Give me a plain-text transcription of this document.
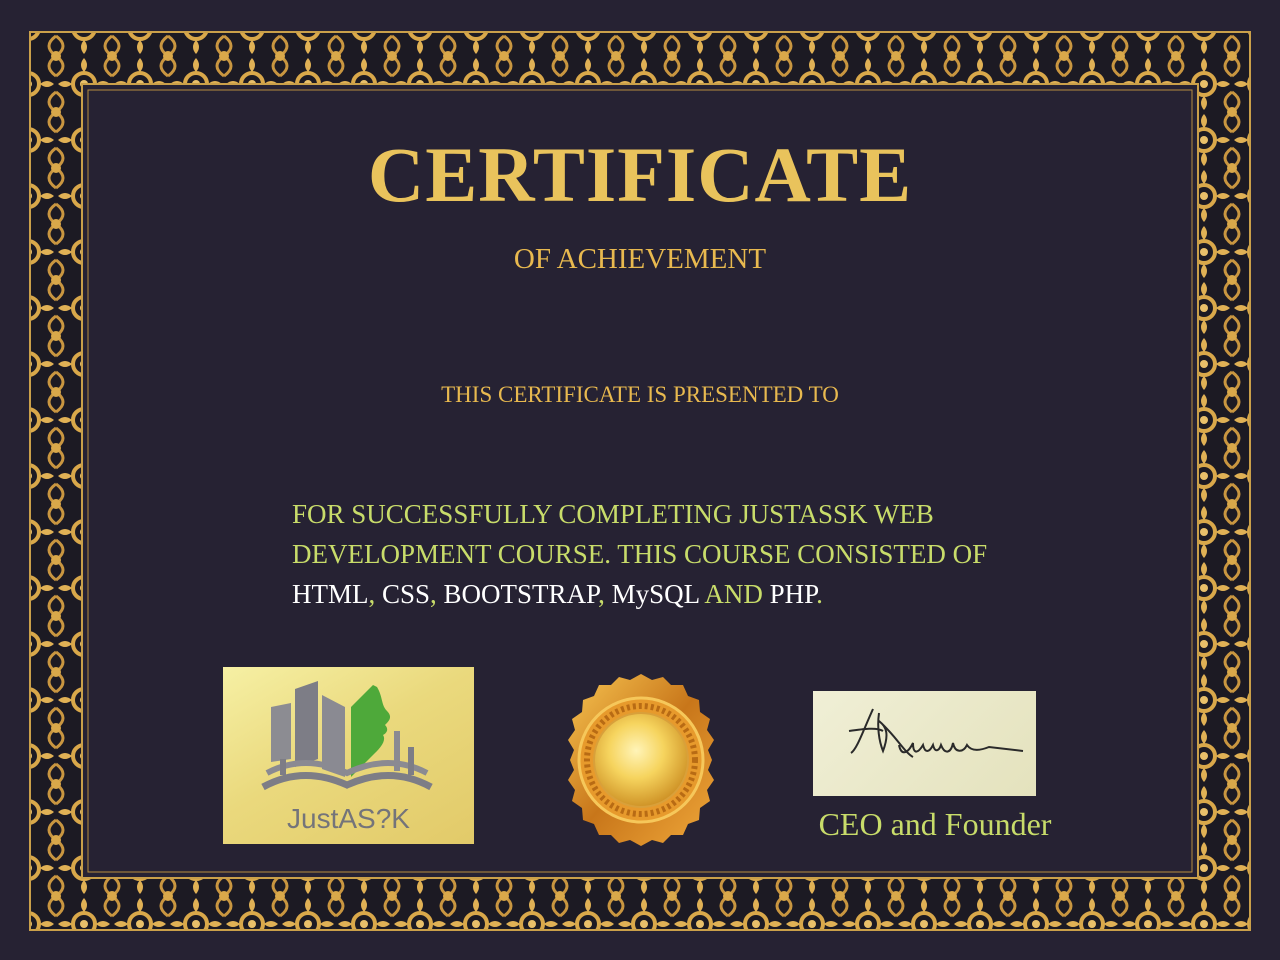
CERTIFICATE
OF ACHIEVEMENT
THIS CERTIFICATE IS PRESENTED TO

FOR SUCCESSFULLY COMPLETING JUSTASSK WEB DEVELOPMENT COURSE. THIS COURSE CONSISTED OF HTML, CSS, BOOTSTRAP, MySQL AND PHP.

JustAS?K
Kumar
CEO and Founder
